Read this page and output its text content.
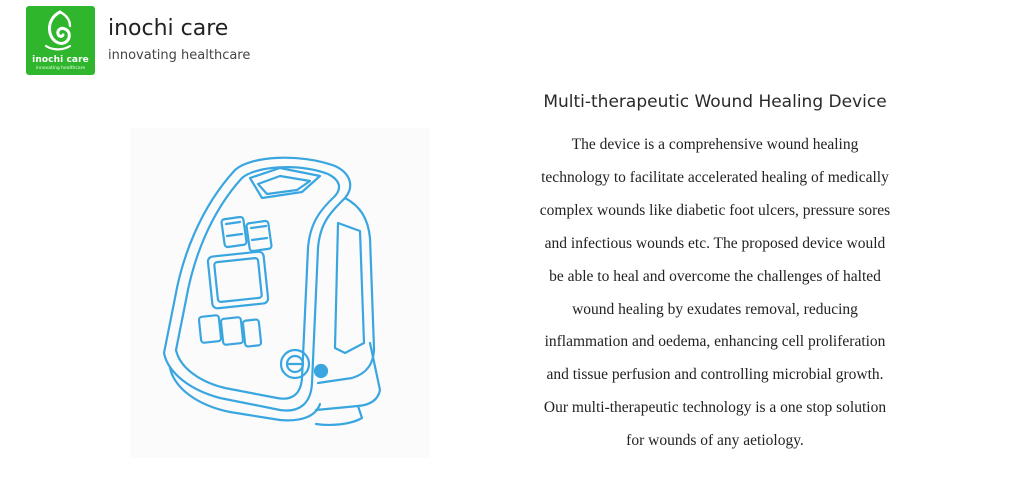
inochi care
innovating healthcare
inochi care
innovating healthcare
Multi-therapeutic Wound Healing Device

The device is a comprehensive wound healing
technology to facilitate accelerated healing of medically
complex wounds like diabetic foot ulcers, pressure sores
and infectious wounds etc. The proposed device would
be able to heal and overcome the challenges of halted
wound healing by exudates removal, reducing
inflammation and oedema, enhancing cell proliferation
and tissue perfusion and controlling microbial growth.
Our multi-therapeutic technology is a one stop solution
for wounds of any aetiology.
